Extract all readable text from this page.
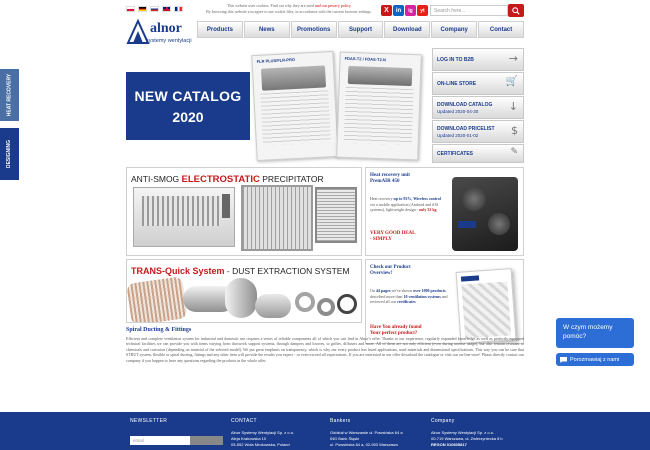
This website uses cookies. Find out why they are used and our privacy policy
By browsing this website you agree to use cookie files, in accordance with the current browser settings.	X	in	ig	yt	Search here...
alnor
systemy wentylacji
Products	News	Promotions	Support	Download	Company	Contact
HEAT RECOVERY
DESIGNING
NEW CATALOG
2020
FLR PLUS/FLR-PRO	FDAS-T2 / FDAS-T2-N	LOG IN TO B2B	→
ON-LINE STORE	🛒
DOWNLOAD CATALOG
Updated 2020-04-30	↓
DOWNLOAD PRICELIST
Updated 2020-01-02	$
CERTIFICATES	✎
ANTI-SMOG ELECTROSTATIC PRECIPITATOR	Heat recovery unit
PremAIR 450
Heat recovery up to 93%, Wireless control via a mobile application (Android and iOS systems), lightweight design - only 32 kg
VERY GOOD DEAL
- SIMPLY
TRANS-Quick System - DUST EXTRACTION SYSTEM	Check our Product
Overview!
On 44 pages we've shown over 1000 products, described more than 10 ventilation systems and reviewed all our certificates
Have You already found
Your perfect product?
Spiral Ducting & Fittings
Efficient and complete ventilation system for industrial and domestic use requires a series of reliable components all of which you can find in Alnor's offer. Thanks to our experience, regularly expanded knowledge as well as perfectly equipped technical facilities we can provide you with items varying from ductwork support systems, through dampers and louvres, to grilles, diffusers and more. All of them are not only efficient (even during intense usage), but also remain resistant to chemicals and corrosion (depending on material of the selected model). We put great emphasis on transparency, which is why our every product has listed applications, used materials and dimensional specifications. This way you can be sure that STRUT system, flexible or spiral ducting, fittings and any other item will provide the results you expect - or even exceed all expectations. If you are interested in our offer download the catalogue or visit our on-line store! Please directly contact our company if you happen to have any questions regarding the products in the whole offer.
NEWSLETTER	CONTACT
Alnor Systemy Wentylacji Sp. z o.o.
Aleja Krakowska 10
05-552 Wola Mrokowska, Poland
Bankers
Oddział w Warszawie ul. Powsińska 64 a
ING Bank Śląski
ul. Powsińska 64 a, 02-903 Warszawa
Company
Alnor Systemy Wentylacji Sp. z o.o.
00-719 Warszawa, ul. Zwierzyniecka 8 b
REGON 010605817
email
W czym możemy pomóc?
Porozmawiaj z nami
